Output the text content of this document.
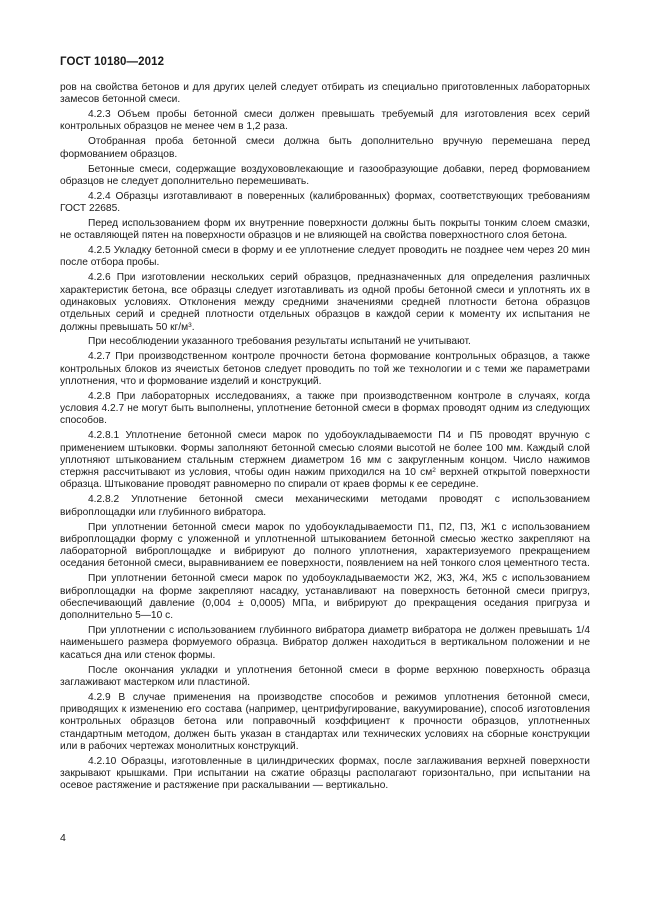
ГОСТ 10180—2012

ров на свойства бетонов и для других целей следует отбирать из специально приготовленных лабораторных замесов бетонной смеси.

4.2.3 Объем пробы бетонной смеси должен превышать требуемый для изготовления всех серий контрольных образцов не менее чем в 1,2 раза.

Отобранная проба бетонной смеси должна быть дополнительно вручную перемешана перед формованием образцов.

Бетонные смеси, содержащие воздухововлекающие и газообразующие добавки, перед формованием образцов не следует дополнительно перемешивать.

4.2.4 Образцы изготавливают в поверенных (калиброванных) формах, соответствующих требованиям ГОСТ 22685.

Перед использованием форм их внутренние поверхности должны быть покрыты тонким слоем смазки, не оставляющей пятен на поверхности образцов и не влияющей на свойства поверхностного слоя бетона.

4.2.5 Укладку бетонной смеси в форму и ее уплотнение следует проводить не позднее чем через 20 мин после отбора пробы.

4.2.6 При изготовлении нескольких серий образцов, предназначенных для определения различных характеристик бетона, все образцы следует изготавливать из одной пробы бетонной смеси и уплотнять их в одинаковых условиях. Отклонения между средними значениями средней плотности бетона образцов отдельных серий и средней плотности отдельных образцов в каждой серии к моменту их испытания не должны превышать 50 $кг/м^3$.

При несоблюдении указанного требования результаты испытаний не учитывают.

4.2.7 При производственном контроле прочности бетона формование контрольных образцов, а также контрольных блоков из ячеистых бетонов следует проводить по той же технологии и с теми же параметрами уплотнения, что и формование изделий и конструкций.

4.2.8 При лабораторных исследованиях, а также при производственном контроле в случаях, когда условия 4.2.7 не могут быть выполнены, уплотнение бетонной смеси в формах проводят одним из следующих способов.

4.2.8.1 Уплотнение бетонной смеси марок по удобоукладываемости П4 и П5 проводят вручную с применением штыковки. Формы заполняют бетонной смесью слоями высотой не более 100 мм. Каждый слой уплотняют штыкованием стальным стержнем диаметром 16 мм с закругленным концом. Число нажимов стержня рассчитывают из условия, чтобы один нажим приходился на 10 $см^2$ верхней открытой поверхности образца. Штыкование проводят равномерно по спирали от краев формы к ее середине.

4.2.8.2 Уплотнение бетонной смеси механическими методами проводят с использованием виброплощадки или глубинного вибратора.

При уплотнении бетонной смеси марок по удобоукладываемости П1, П2, П3, Ж1 с использованием виброплощадки форму с уложенной и уплотненной штыкованием бетонной смесью жестко закрепляют на лабораторной виброплощадке и вибрируют до полного уплотнения, характеризуемого прекращением оседания бетонной смеси, выравниванием ее поверхности, появлением на ней тонкого слоя цементного теста.

При уплотнении бетонной смеси марок по удобоукладываемости Ж2, Ж3, Ж4, Ж5 с использованием виброплощадки на форме закрепляют насадку, устанавливают на поверхность бетонной смеси пригруз, обеспечивающий давление (0,004 ± 0,0005) МПа, и вибрируют до прекращения оседания пригруза и дополнительно 5—10 с.

При уплотнении с использованием глубинного вибратора диаметр вибратора не должен превышать 1/4 наименьшего размера формуемого образца. Вибратор должен находиться в вертикальном положении и не касаться дна или стенок формы.

После окончания укладки и уплотнения бетонной смеси в форме верхнюю поверхность образца заглаживают мастерком или пластиной.

4.2.9 В случае применения на производстве способов и режимов уплотнения бетонной смеси, приводящих к изменению его состава (например, центрифугирование, вакуумирование), способ изготовления контрольных образцов бетона или поправочный коэффициент к прочности образцов, уплотненных стандартным методом, должен быть указан в стандартах или технических условиях на сборные конструкции или в рабочих чертежах монолитных конструкций.

4.2.10 Образцы, изготовленные в цилиндрических формах, после заглаживания верхней поверхности закрывают крышками. При испытании на сжатие образцы располагают горизонтально, при испытании на осевое растяжение и растяжение при раскалывании — вертикально.

4
